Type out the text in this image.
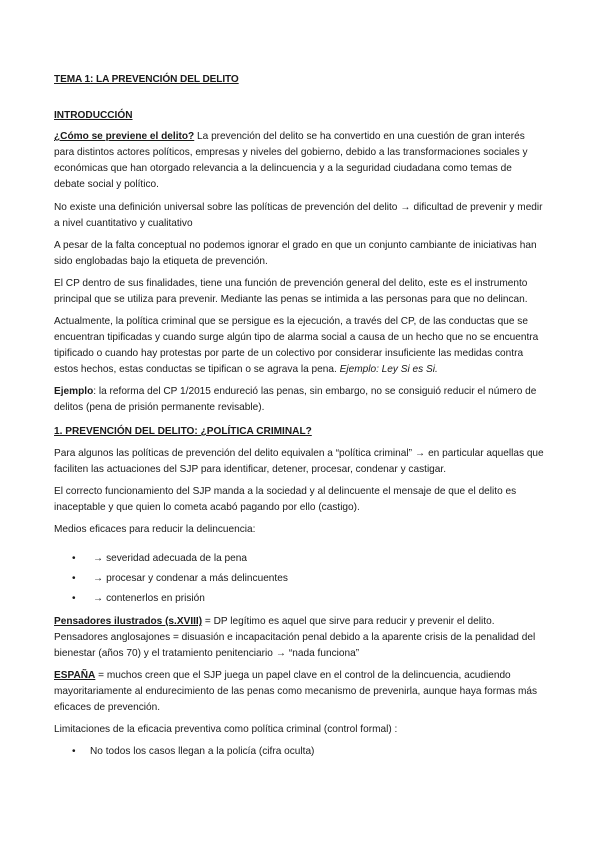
TEMA 1: LA PREVENCIÓN DEL DELITO
INTRODUCCIÓN
¿Cómo se previene el delito? La prevención del delito se ha convertido en una cuestión de gran interés para distintos actores políticos, empresas y niveles del gobierno, debido a las transformaciones sociales y económicas que han otorgado relevancia a la delincuencia y a la seguridad ciudadana como temas de debate social y político.
No existe una definición universal sobre las políticas de prevención del delito → dificultad de prevenir y medir a nivel cuantitativo y cualitativo
A pesar de la falta conceptual no podemos ignorar el grado en que un conjunto cambiante de iniciativas han sido englobadas bajo la etiqueta de prevención.
El CP dentro de sus finalidades, tiene una función de prevención general del delito, este es el instrumento principal que se utiliza para prevenir. Mediante las penas se intimida a las personas para que no delincan.
Actualmente, la política criminal que se persigue es la ejecución, a través del CP, de las conductas que se encuentran tipificadas y cuando surge algún tipo de alarma social a causa de un hecho que no se encuentra tipificado o cuando hay protestas por parte de un colectivo por considerar insuficiente las medidas contra estos hechos, estas conductas se tipifican o se agrava la pena. Ejemplo: Ley Si es Si.
Ejemplo: la reforma del CP 1/2015 endureció las penas, sin embargo, no se consiguió reducir el número de delitos (pena de prisión permanente revisable).
1. PREVENCIÓN DEL DELITO: ¿POLÍTICA CRIMINAL?
Para algunos las políticas de prevención del delito equivalen a “política criminal” → en particular aquellas que faciliten las actuaciones del SJP para identificar, detener, procesar, condenar y castigar.
El correcto funcionamiento del SJP manda a la sociedad y al delincuente el mensaje de que el delito es inaceptable y que quien lo cometa acabó pagando por ello (castigo).
Medios eficaces para reducir la delincuencia:
• → severidad adecuada de la pena
• → procesar y condenar a más delincuentes
• → contenerlos en prisión
Pensadores ilustrados (s.XVIII) = DP legítimo es aquel que sirve para reducir y prevenir el delito. Pensadores anglosajones = disuasión e incapacitación penal debido a la aparente crisis de la penalidad del bienestar (años 70) y el tratamiento penitenciario → “nada funciona”
ESPAÑA = muchos creen que el SJP juega un papel clave en el control de la delincuencia, acudiendo mayoritariamente al endurecimiento de las penas como mecanismo de prevenirla, aunque haya formas más eficaces de prevención.
Limitaciones de la eficacia preventiva como política criminal (control formal) :
• No todos los casos llegan a la policía (cifra oculta)
